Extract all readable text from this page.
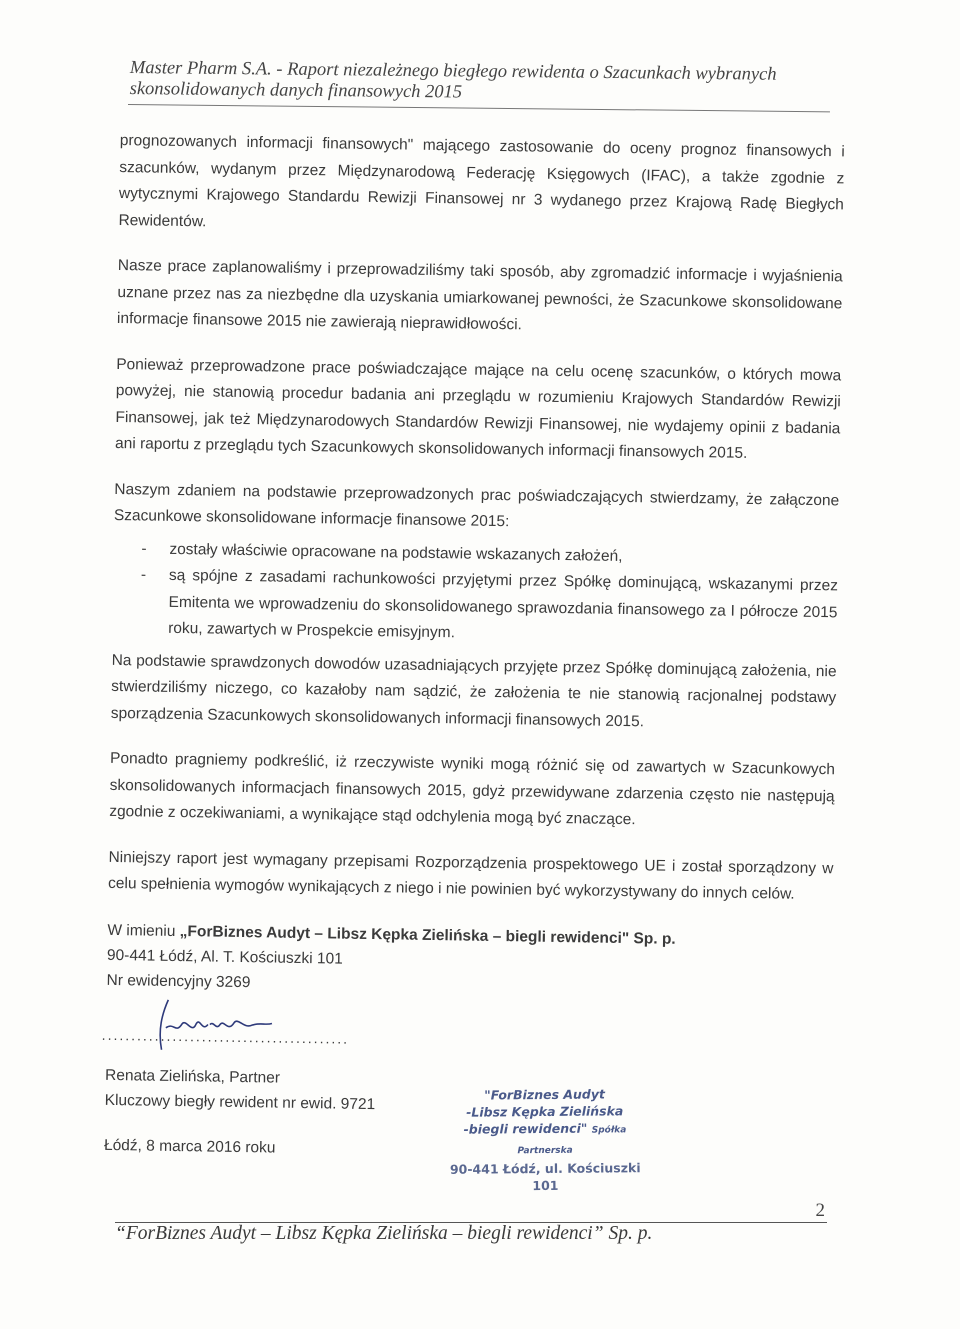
Master Pharm S.A. - Raport niezależnego biegłego rewidenta o Szacunkach wybranych
skonsolidowanych danych finansowych 2015

prognozowanych informacji finansowych" mającego zastosowanie do oceny prognoz finansowych i szacunków, wydanym przez Międzynarodową Federację Księgowych (IFAC), a także zgodnie z wytycznymi Krajowego Standardu Rewizji Finansowej nr 3 wydanego przez Krajową Radę Biegłych Rewidentów.

Nasze prace zaplanowaliśmy i przeprowadziliśmy taki sposób, aby zgromadzić informacje i wyjaśnienia uznane przez nas za niezbędne dla uzyskania umiarkowanej pewności, że Szacunkowe skonsolidowane informacje finansowe 2015 nie zawierają nieprawidłowości.

Ponieważ przeprowadzone prace poświadczające mające na celu ocenę szacunków, o których mowa powyżej, nie stanowią procedur badania ani przeglądu w rozumieniu Krajowych Standardów Rewizji Finansowej, jak też Międzynarodowych Standardów Rewizji Finansowej, nie wydajemy opinii z badania ani raportu z przeglądu tych Szacunkowych skonsolidowanych informacji finansowych 2015.

Naszym zdaniem na podstawie przeprowadzonych prac poświadczających stwierdzamy, że załączone Szacunkowe skonsolidowane informacje finansowe 2015:

- zostały właściwie opracowane na podstawie wskazanych założeń,
- są spójne z zasadami rachunkowości przyjętymi przez Spółkę dominującą, wskazanymi przez Emitenta we wprowadzeniu do skonsolidowanego sprawozdania finansowego za I półrocze 2015 roku, zawartych w Prospekcie emisyjnym.

Na podstawie sprawdzonych dowodów uzasadniających przyjęte przez Spółkę dominującą założenia, nie stwierdziliśmy niczego, co kazałoby nam sądzić, że założenia te nie stanowią racjonalnej podstawy sporządzenia Szacunkowych skonsolidowanych informacji finansowych 2015.

Ponadto pragniemy podkreślić, iż rzeczywiste wyniki mogą różnić się od zawartych w Szacunkowych skonsolidowanych informacjach finansowych 2015, gdyż przewidywane zdarzenia często nie następują zgodnie z oczekiwaniami, a wynikające stąd odchylenia mogą być znaczące.

Niniejszy raport jest wymagany przepisami Rozporządzenia prospektowego UE i został sporządzony w celu spełnienia wymogów wynikających z niego i nie powinien być wykorzystywany do innych celów.

W imieniu „ForBiznes Audyt – Libsz Kępka Zielińska – biegli rewidenci" Sp. p.
90-441 Łódź, Al. T. Kościuszki 101
Nr ewidencyjny 3269
..........................................
Renata Zielińska, Partner
Kluczowy biegły rewident nr ewid. 9721
Łódź, 8 marca 2016 roku
"ForBiznes Audyt
-Libsz Kępka Zielińska
-biegli rewidenci" Spółka Partnerska
90-441 Łódź, ul. Kościuszki 101
2
“ForBiznes Audyt – Libsz Kępka Zielińska – biegli rewidenci” Sp. p.
